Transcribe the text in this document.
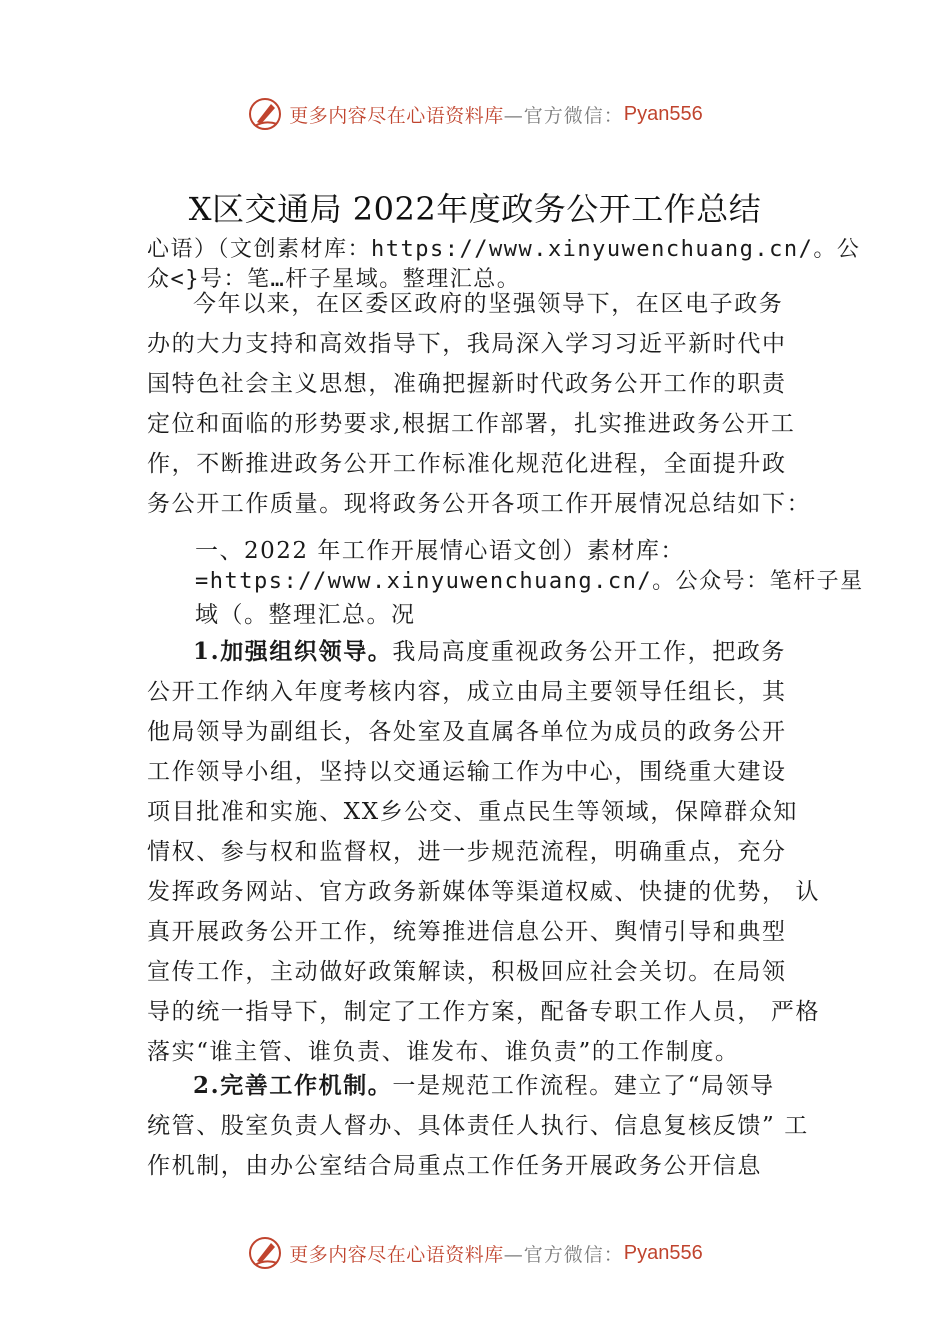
更多内容尽在心语资料库 —官方微信： Pyan556
X区交通局 2022年度政务公开工作总结
心语）（文创素材库：https://www.xinyuwenchuang.cn/。公
众<}号：笔…杆子星域。整理汇总。
今年以来，在区委区政府的坚强领导下，在区电子政务
办的大力支持和高效指导下，我局深入学习习近平新时代中
国特色社会主义思想，准确把握新时代政务公开工作的职责
定位和面临的形势要求,根据工作部署，扎实推进政务公开工
作，不断推进政务公开工作标准化规范化进程，全面提升政
务公开工作质量。现将政务公开各项工作开展情况总结如下：
一、2022 年工作开展情心语文创）素材库：
=https://www.xinyuwenchuang.cn/。公众号：笔杆子星
域（。整理汇总。况
1.加强组织领导。我局高度重视政务公开工作，把政务
公开工作纳入年度考核内容，成立由局主要领导任组长，其
他局领导为副组长，各处室及直属各单位为成员的政务公开
工作领导小组，坚持以交通运输工作为中心，围绕重大建设
项目批准和实施、XX乡公交、重点民生等领域，保障群众知
情权、参与权和监督权，进一步规范流程，明确重点，充分
发挥政务网站、官方政务新媒体等渠道权威、快捷的优势， 认
真开展政务公开工作，统筹推进信息公开、舆情引导和典型
宣传工作，主动做好政策解读，积极回应社会关切。在局领
导的统一指导下，制定了工作方案，配备专职工作人员， 严格
落实“谁主管、谁负责、谁发布、谁负责”的工作制度。
2.完善工作机制。一是规范工作流程。建立了“局领导
统管、股室负责人督办、具体责任人执行、信息复核反馈” 工
作机制，由办公室结合局重点工作任务开展政务公开信息
更多内容尽在心语资料库 —官方微信： Pyan556
